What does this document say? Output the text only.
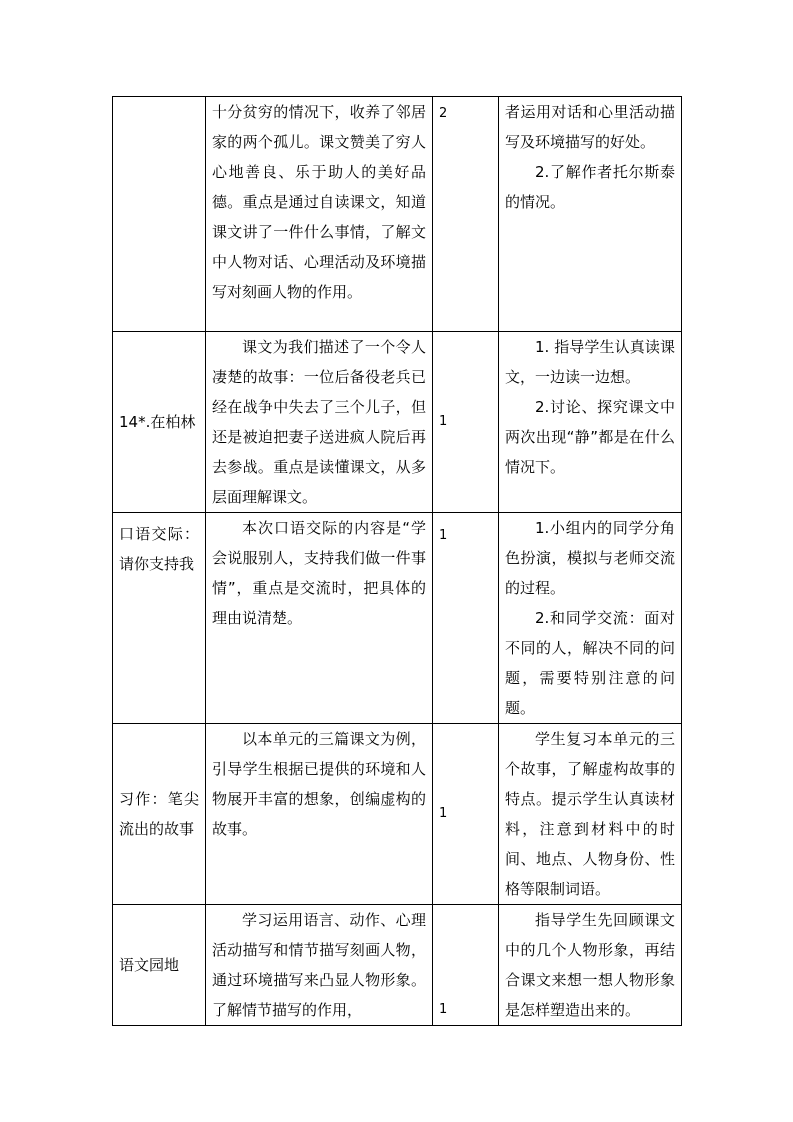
	十分贫穷的情况下，收养了邻居家的两个孤儿。课文赞美了穷人心地善良、乐于助人的美好品德。重点是通过自读课文，知道课文讲了一件什么事情，了解文中人物对话、心理活动及环境描写对刻画人物的作用。	2	者运用对话和心里活动描写及环境描写的好处。
2.了解作者托尔斯泰的情况。

14*.在柏林	课文为我们描述了一个令人凄楚的故事：一位后备役老兵已经在战争中失去了三个儿子，但还是被迫把妻子送进疯人院后再去参战。重点是读懂课文，从多层面理解课文。	1	1. 指导学生认真读课文，一边读一边想。
2.讨论、探究课文中两次出现“静”都是在什么情况下。

口语交际：请你支持我	本次口语交际的内容是“学会说服别人，支持我们做一件事情”，重点是交流时，把具体的理由说清楚。	1	1.小组内的同学分角色扮演，模拟与老师交流的过程。
2.和同学交流：面对不同的人，解决不同的问题，需要特别注意的问题。

习作：笔尖流出的故事	以本单元的三篇课文为例，引导学生根据已提供的环境和人物展开丰富的想象，创编虚构的故事。	1	学生复习本单元的三个故事，了解虚构故事的特点。提示学生认真读材料，注意到材料中的时间、地点、人物身份、性格等限制词语。

语文园地	学习运用语言、动作、心理活动描写和情节描写刻画人物，通过环境描写来凸显人物形象。了解情节描写的作用，	1	指导学生先回顾课文中的几个人物形象，再结合课文来想一想人物形象是怎样塑造出来的。
